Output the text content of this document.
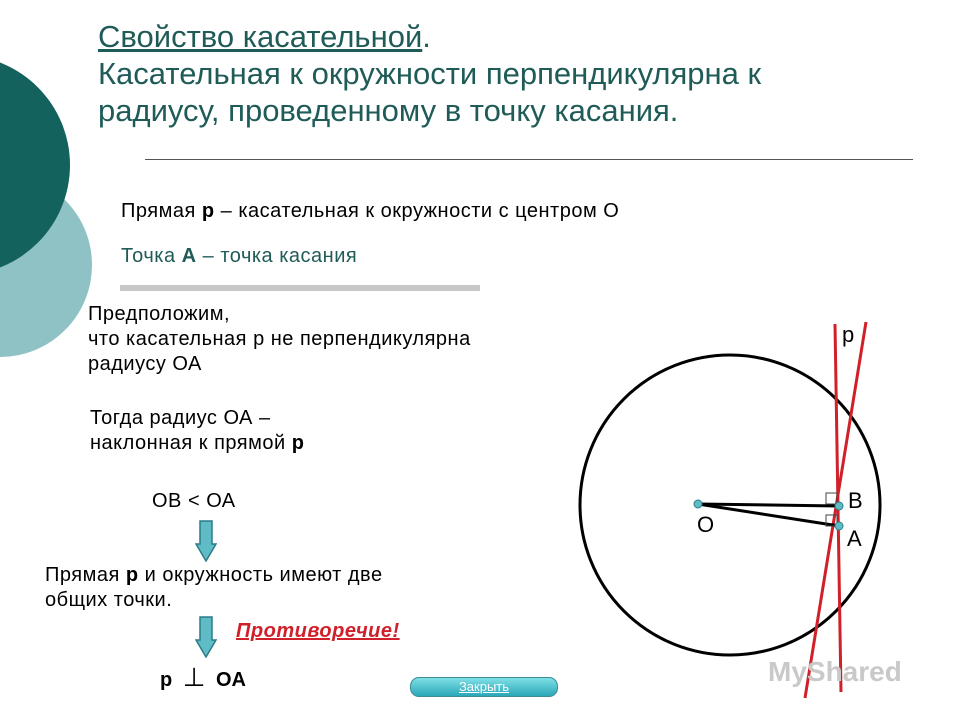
Свойство касательной.
Касательная к окружности перпендикулярна к
радиусу, проведенному в точку касания.
Прямая р – касательная к окружности с центром О
Точка А – точка касания
Предположим,
что касательная р не перпендикулярна
радиусу ОА
Тогда радиус ОА –
наклонная к прямой р
ОВ < ОА
Прямая р и окружность имеют две
общих точки.
Противоречие!
р ⊥ ОА
р
О
В
А
MyShared
Закрыть
